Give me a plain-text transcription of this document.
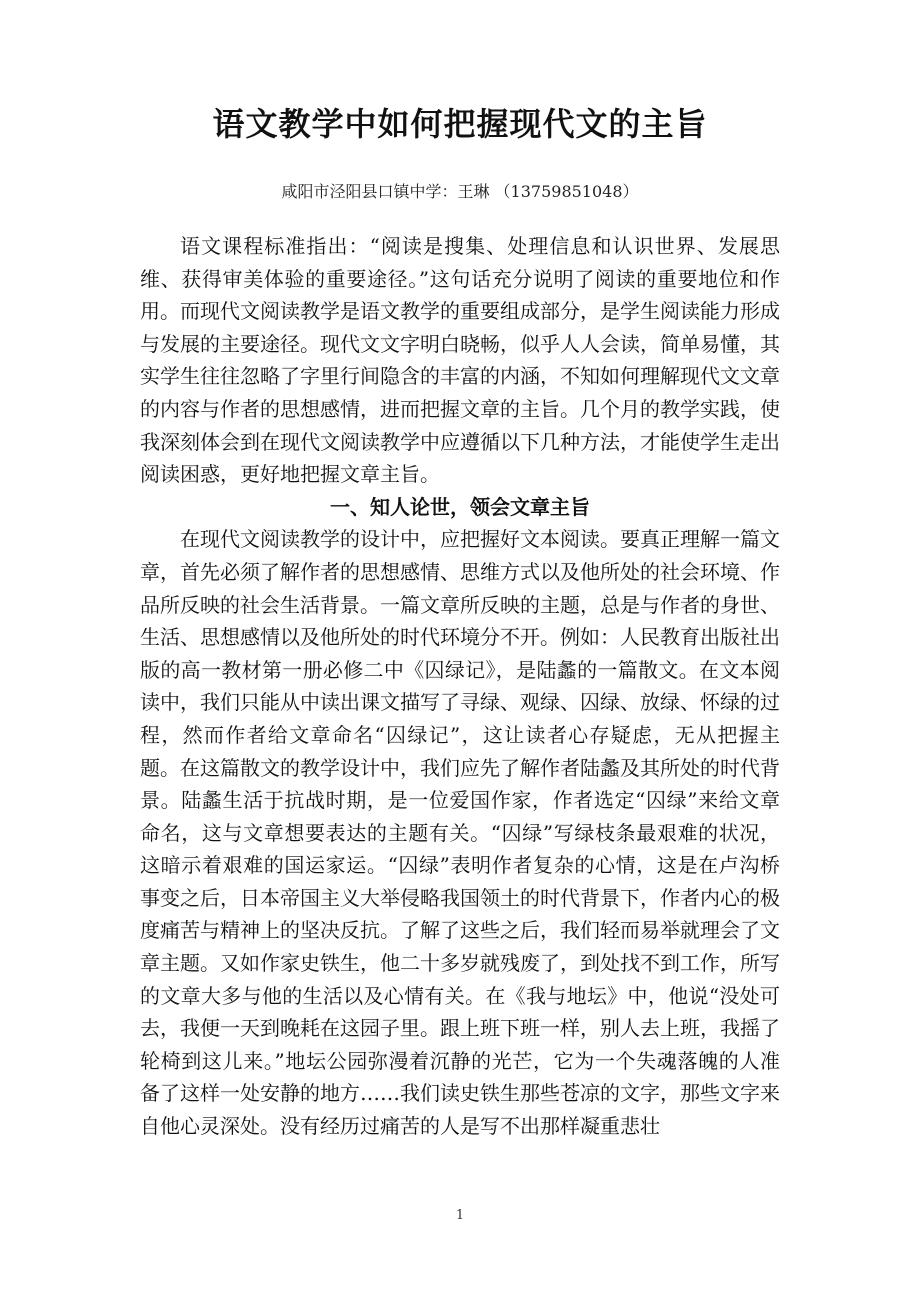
语文教学中如何把握现代文的主旨
咸阳市泾阳县口镇中学：王琳 （13759851048）

语文课程标准指出：“阅读是搜集、处理信息和认识世界、发展思维、获得审美体验的重要途径。”这句话充分说明了阅读的重要地位和作用。而现代文阅读教学是语文教学的重要组成部分，是学生阅读能力形成与发展的主要途径。现代文文字明白晓畅，似乎人人会读，简单易懂，其实学生往往忽略了字里行间隐含的丰富的内涵，不知如何理解现代文文章的内容与作者的思想感情，进而把握文章的主旨。几个月的教学实践，使我深刻体会到在现代文阅读教学中应遵循以下几种方法，才能使学生走出阅读困惑，更好地把握文章主旨。

一、知人论世，领会文章主旨

在现代文阅读教学的设计中，应把握好文本阅读。要真正理解一篇文章，首先必须了解作者的思想感情、思维方式以及他所处的社会环境、作品所反映的社会生活背景。一篇文章所反映的主题，总是与作者的身世、生活、思想感情以及他所处的时代环境分不开。例如：人民教育出版社出版的高一教材第一册必修二中《囚绿记》，是陆蠡的一篇散文。在文本阅读中，我们只能从中读出课文描写了寻绿、观绿、囚绿、放绿、怀绿的过程，然而作者给文章命名“囚绿记”，这让读者心存疑虑，无从把握主题。在这篇散文的教学设计中，我们应先了解作者陆蠡及其所处的时代背景。陆蠡生活于抗战时期，是一位爱国作家，作者选定“囚绿”来给文章命名，这与文章想要表达的主题有关。“囚绿”写绿枝条最艰难的状况，这暗示着艰难的国运家运。“囚绿”表明作者复杂的心情，这是在卢沟桥事变之后，日本帝国主义大举侵略我国领土的时代背景下，作者内心的极度痛苦与精神上的坚决反抗。了解了这些之后，我们轻而易举就理会了文章主题。又如作家史铁生，他二十多岁就残废了，到处找不到工作，所写的文章大多与他的生活以及心情有关。在《我与地坛》中，他说“没处可去，我便一天到晚耗在这园子里。跟上班下班一样，别人去上班，我摇了轮椅到这儿来。”地坛公园弥漫着沉静的光芒，它为一个失魂落魄的人准备了这样一处安静的地方……我们读史铁生那些苍凉的文字，那些文字来自他心灵深处。没有经历过痛苦的人是写不出那样凝重悲壮

1
